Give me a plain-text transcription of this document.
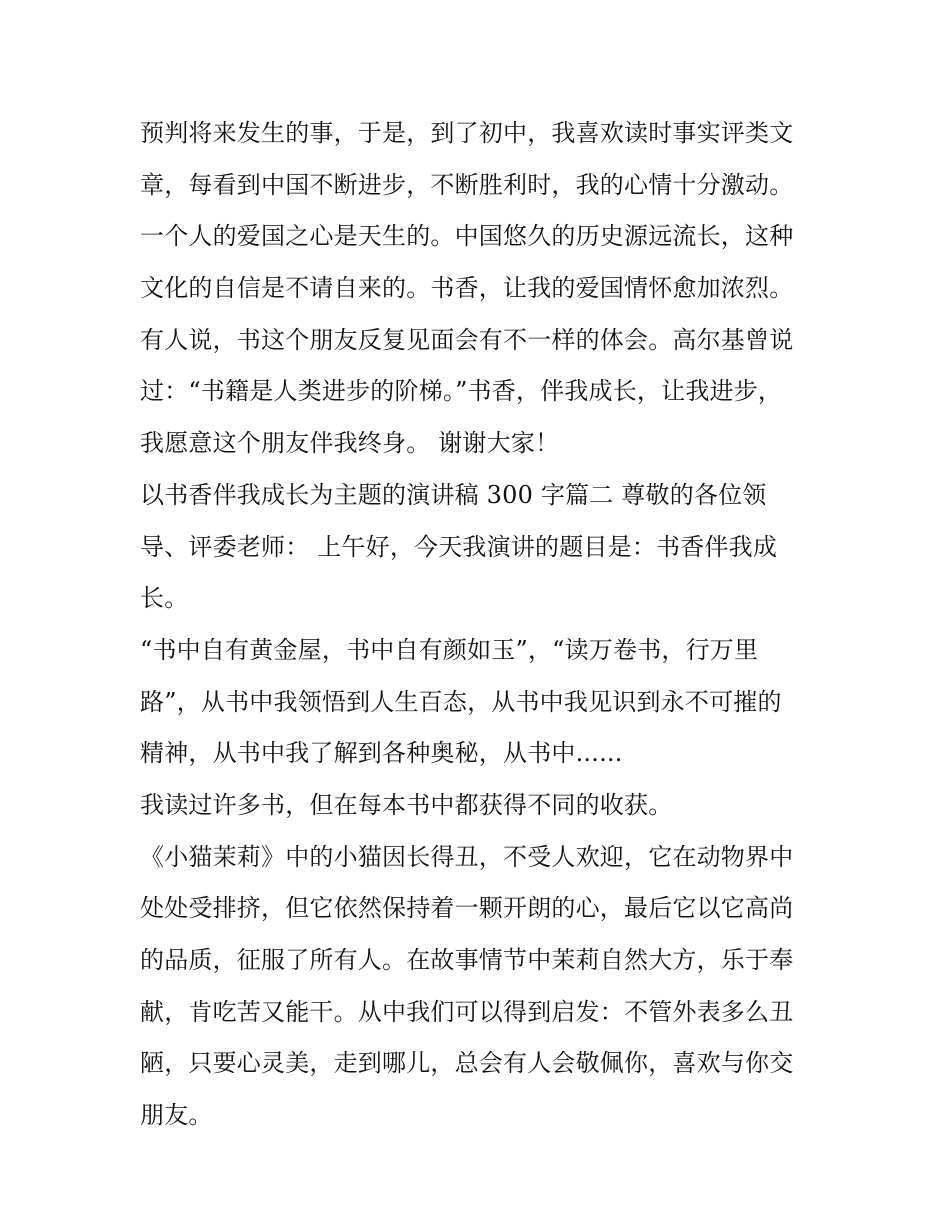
预判将来发生的事，于是，到了初中，我喜欢读时事实评类文
章，每看到中国不断进步，不断胜利时，我的心情十分激动。
一个人的爱国之心是天生的。中国悠久的历史源远流长，这种
文化的自信是不请自来的。书香，让我的爱国情怀愈加浓烈。
有人说，书这个朋友反复见面会有不一样的体会。高尔基曾说
过：“书籍是人类进步的阶梯。”书香，伴我成长，让我进步，
我愿意这个朋友伴我终身。 谢谢大家！
以书香伴我成长为主题的演讲稿 300 字篇二 尊敬的各位领
导、评委老师： 上午好，今天我演讲的题目是：书香伴我成
长。
“书中自有黄金屋，书中自有颜如玉”，“读万卷书，行万里
路”，从书中我领悟到人生百态，从书中我见识到永不可摧的
精神，从书中我了解到各种奥秘，从书中......
我读过许多书，但在每本书中都获得不同的收获。
《小猫茉莉》中的小猫因长得丑，不受人欢迎，它在动物界中
处处受排挤，但它依然保持着一颗开朗的心，最后它以它高尚
的品质，征服了所有人。在故事情节中茉莉自然大方，乐于奉
献，肯吃苦又能干。从中我们可以得到启发：不管外表多么丑
陋，只要心灵美，走到哪儿，总会有人会敬佩你，喜欢与你交
朋友。
